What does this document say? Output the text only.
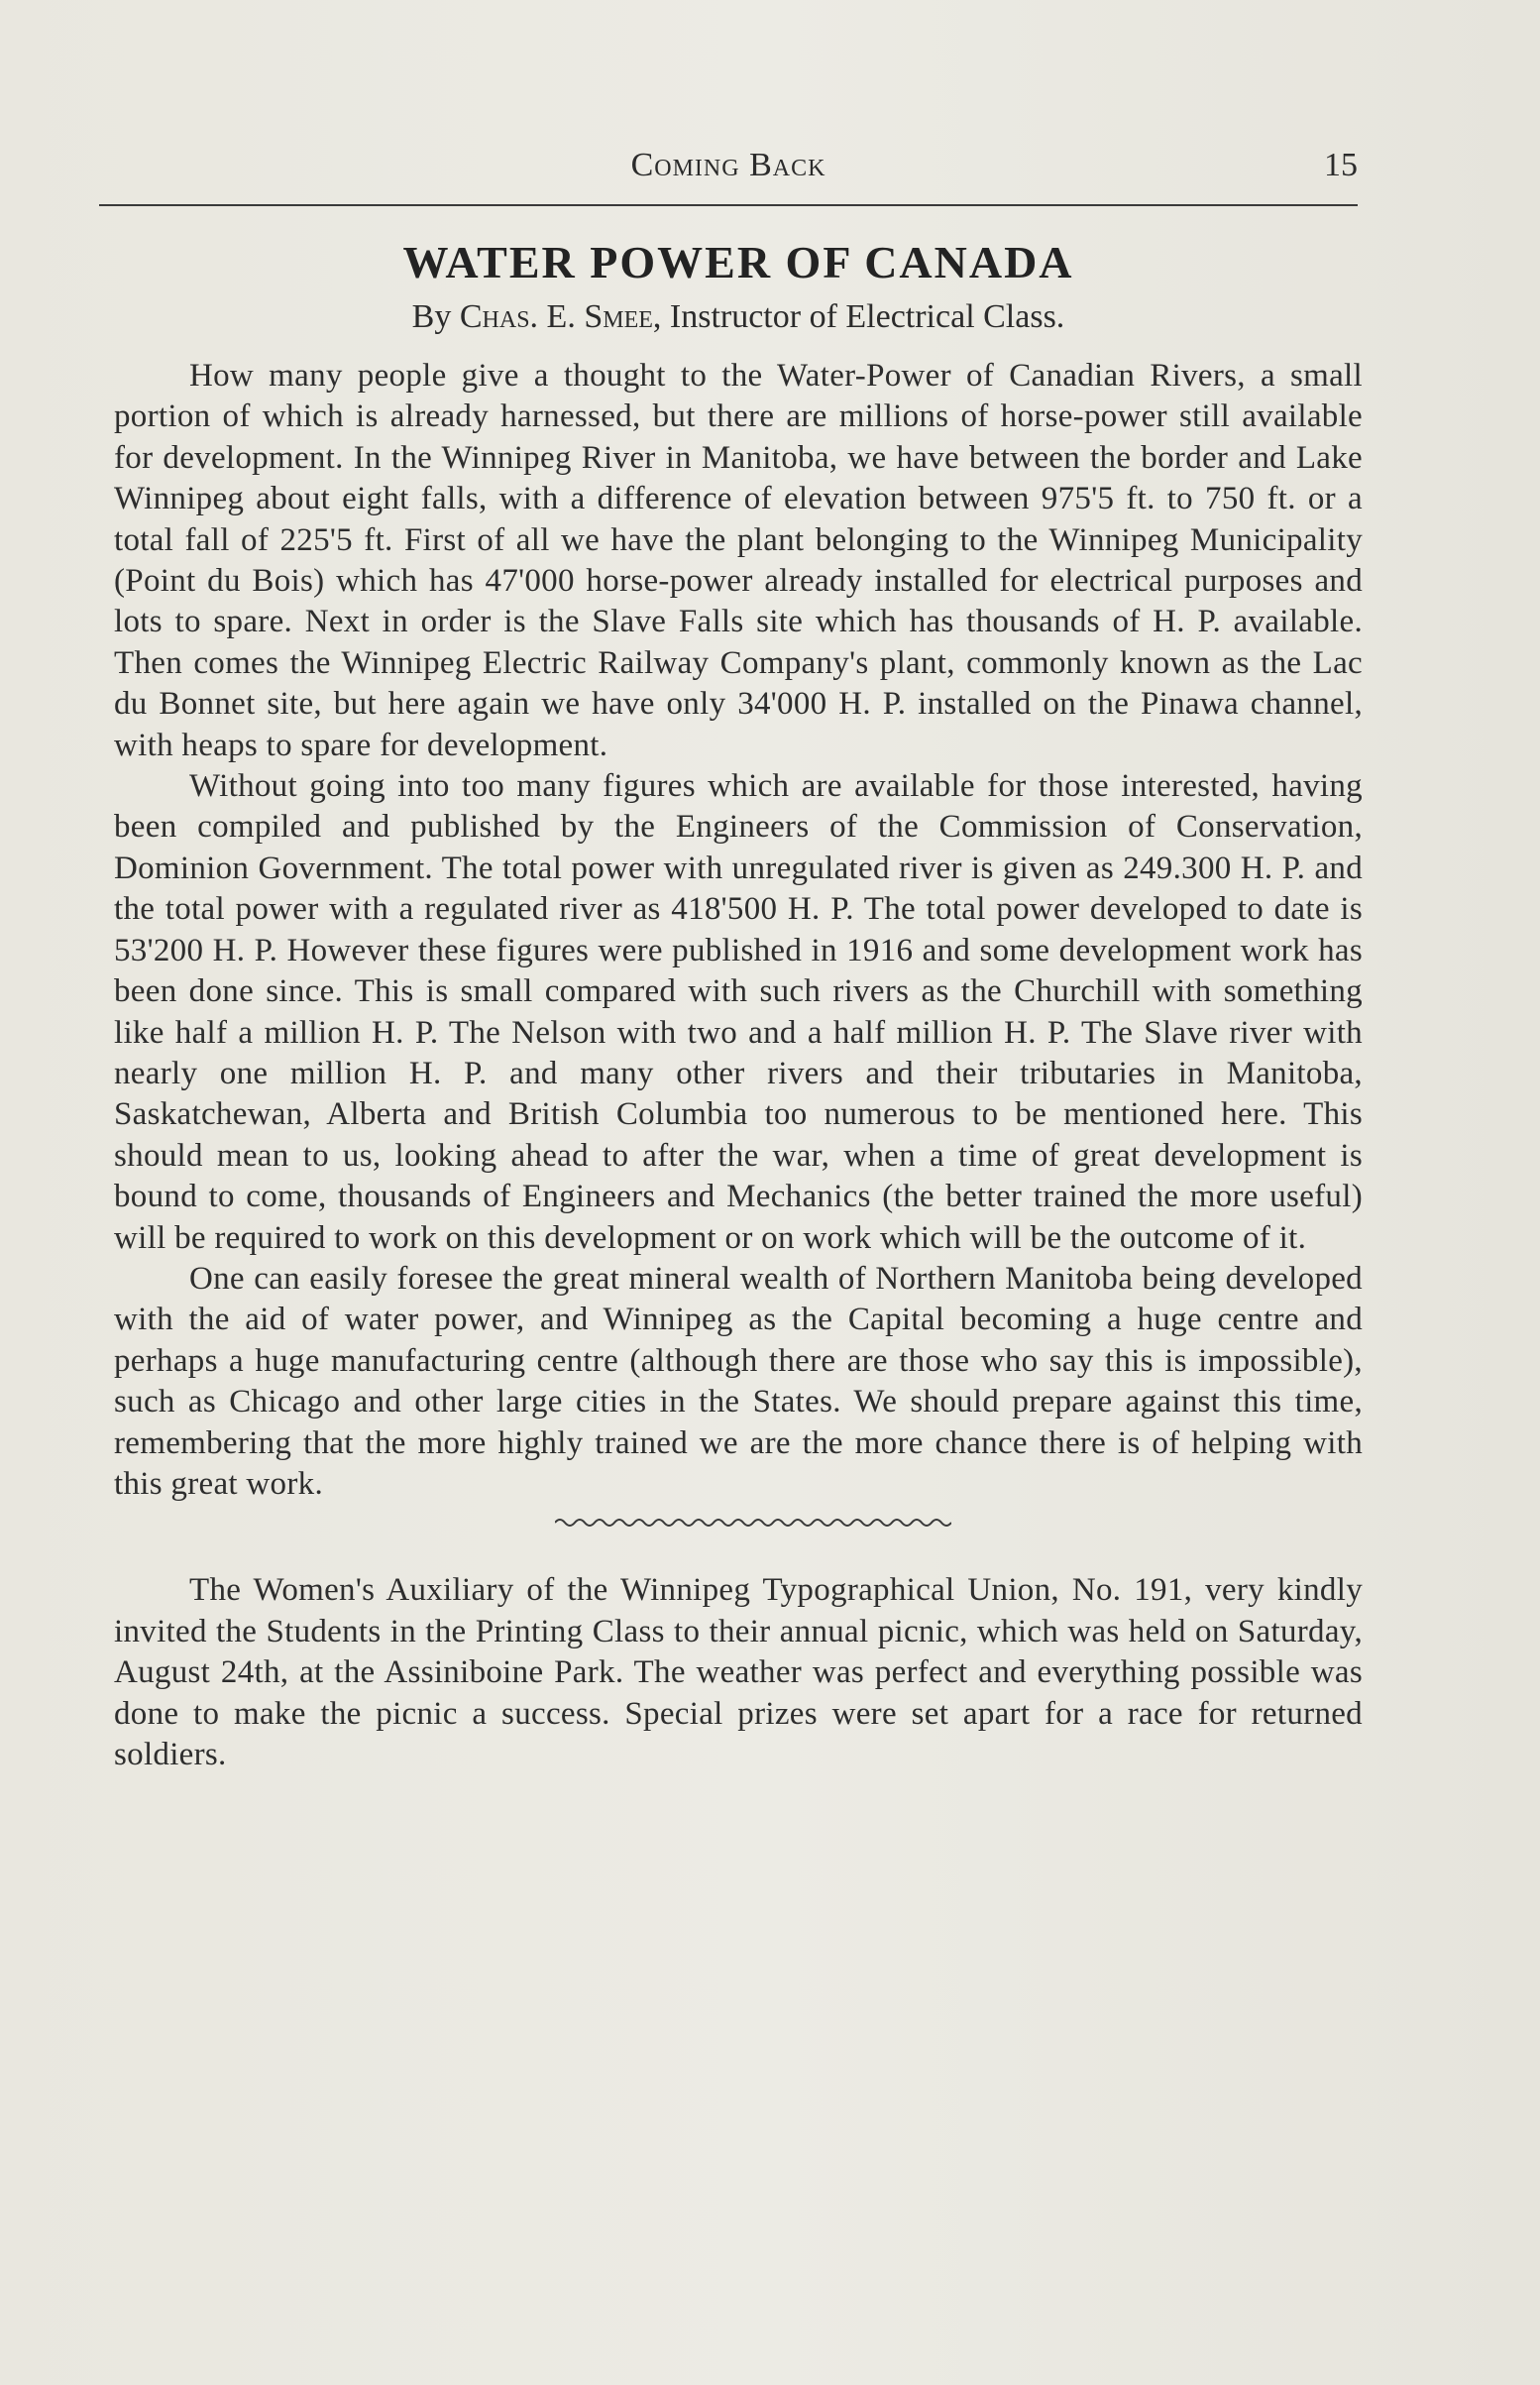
Coming Back	15
WATER POWER OF CANADA
By Chas. E. Smee, Instructor of Electrical Class.

How many people give a thought to the Water-Power of Canadian Rivers, a small portion of which is already harnessed, but there are millions of horse-power still available for development. In the Winnipeg River in Manitoba, we have between the border and Lake Winnipeg about eight falls, with a difference of elevation between 975'5 ft. to 750 ft. or a total fall of 225'5 ft. First of all we have the plant belonging to the Winnipeg Municipality (Point du Bois) which has 47'000 horse-power already installed for electrical purposes and lots to spare. Next in order is the Slave Falls site which has thousands of H. P. available. Then comes the Winnipeg Electric Railway Company's plant, commonly known as the Lac du Bonnet site, but here again we have only 34'000 H. P. installed on the Pinawa channel, with heaps to spare for development.

Without going into too many figures which are available for those interested, having been compiled and published by the Engineers of the Commission of Conservation, Dominion Government. The total power with unregulated river is given as 249.300 H. P. and the total power with a regulated river as 418'500 H. P. The total power developed to date is 53'200 H. P. However these figures were published in 1916 and some development work has been done since. This is small compared with such rivers as the Churchill with something like half a million H. P. The Nelson with two and a half million H. P. The Slave river with nearly one million H. P. and many other rivers and their tributaries in Manitoba, Saskatchewan, Alberta and British Columbia too numerous to be mentioned here. This should mean to us, looking ahead to after the war, when a time of great development is bound to come, thousands of Engineers and Mechanics (the better trained the more useful) will be required to work on this development or on work which will be the outcome of it.

One can easily foresee the great mineral wealth of Northern Manitoba being developed with the aid of water power, and Winnipeg as the Capital becoming a huge centre and perhaps a huge manufacturing centre (although there are those who say this is impossible), such as Chicago and other large cities in the States. We should prepare against this time, remembering that the more highly trained we are the more chance there is of helping with this great work.

The Women's Auxiliary of the Winnipeg Typographical Union, No. 191, very kindly invited the Students in the Printing Class to their annual picnic, which was held on Saturday, August 24th, at the Assiniboine Park. The weather was perfect and everything possible was done to make the picnic a success. Special prizes were set apart for a race for returned soldiers.
